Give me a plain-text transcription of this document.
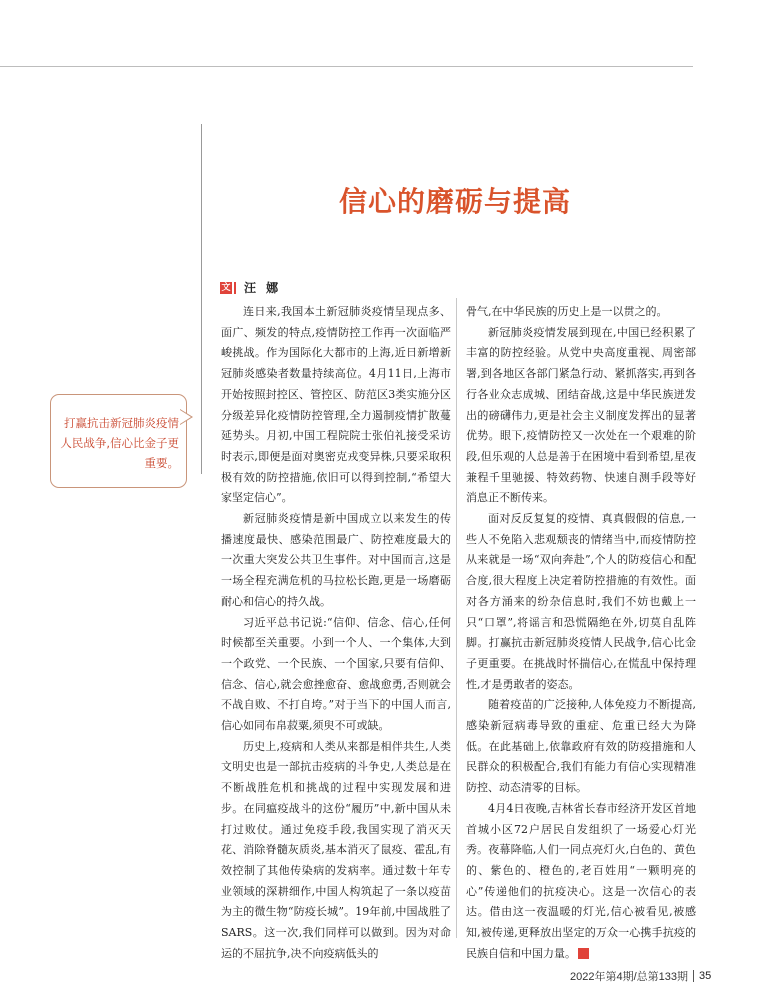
信心的磨砺与提高
文 汪 娜
打赢抗击新冠肺炎疫情人民战争,信心比金子更重要。

连日来,我国本土新冠肺炎疫情呈现点多、面广、频发的特点,疫情防控工作再一次面临严峻挑战。作为国际化大都市的上海,近日新增新冠肺炎感染者数量持续高位。4月11日,上海市开始按照封控区、管控区、防范区3类实施分区分级差异化疫情防控管理,全力遏制疫情扩散蔓延势头。月初,中国工程院院士张伯礼接受采访时表示,即便是面对奥密克戎变异株,只要采取积极有效的防控措施,依旧可以得到控制,“希望大家坚定信心”。

新冠肺炎疫情是新中国成立以来发生的传播速度最快、感染范围最广、防控难度最大的一次重大突发公共卫生事件。对中国而言,这是一场全程充满危机的马拉松长跑,更是一场磨砺耐心和信心的持久战。

习近平总书记说:“信仰、信念、信心,任何时候都至关重要。小到一个人、一个集体,大到一个政党、一个民族、一个国家,只要有信仰、信念、信心,就会愈挫愈奋、愈战愈勇,否则就会不战自败、不打自垮。”对于当下的中国人而言,信心如同布帛菽粟,须臾不可或缺。

历史上,疫病和人类从来都是相伴共生,人类文明史也是一部抗击疫病的斗争史,人类总是在不断战胜危机和挑战的过程中实现发展和进步。在同瘟疫战斗的这份“履历”中,新中国从未打过败仗。通过免疫手段,我国实现了消灭天花、消除脊髓灰质炎,基本消灭了鼠疫、霍乱,有效控制了其他传染病的发病率。通过数十年专业领域的深耕细作,中国人构筑起了一条以疫苗为主的微生物“防疫长城”。19年前,中国战胜了SARS。这一次,我们同样可以做到。因为对命运的不屈抗争,决不向疫病低头的

骨气,在中华民族的历史上是一以贯之的。

新冠肺炎疫情发展到现在,中国已经积累了丰富的防控经验。从党中央高度重视、周密部署,到各地区各部门紧急行动、紧抓落实,再到各行各业众志成城、团结奋战,这是中华民族迸发出的磅礴伟力,更是社会主义制度发挥出的显著优势。眼下,疫情防控又一次处在一个艰难的阶段,但乐观的人总是善于在困境中看到希望,星夜兼程千里驰援、特效药物、快速自测手段等好消息正不断传来。

面对反反复复的疫情、真真假假的信息,一些人不免陷入悲观颓丧的情绪当中,而疫情防控从来就是一场“双向奔赴”,个人的防疫信心和配合度,很大程度上决定着防控措施的有效性。面对各方涌来的纷杂信息时,我们不妨也戴上一只“口罩”,将谣言和恐慌隔绝在外,切莫自乱阵脚。打赢抗击新冠肺炎疫情人民战争,信心比金子更重要。在挑战时怀揣信心,在慌乱中保持理性,才是勇敢者的姿态。

随着疫苗的广泛接种,人体免疫力不断提高,感染新冠病毒导致的重症、危重已经大为降低。在此基础上,依靠政府有效的防疫措施和人民群众的积极配合,我们有能力有信心实现精准防控、动态清零的目标。

4月4日夜晚,吉林省长春市经济开发区首地首城小区72户居民自发组织了一场爱心灯光秀。夜幕降临,人们一同点亮灯火,白色的、黄色的、紫色的、橙色的,老百姓用“一颗明亮的心”传递他们的抗疫决心。这是一次信心的表达。借由这一夜温暖的灯光,信心被看见,被感知,被传递,更释放出坚定的万众一心携手抗疫的民族自信和中国力量。	G

2022年第4期/总第133期 35
